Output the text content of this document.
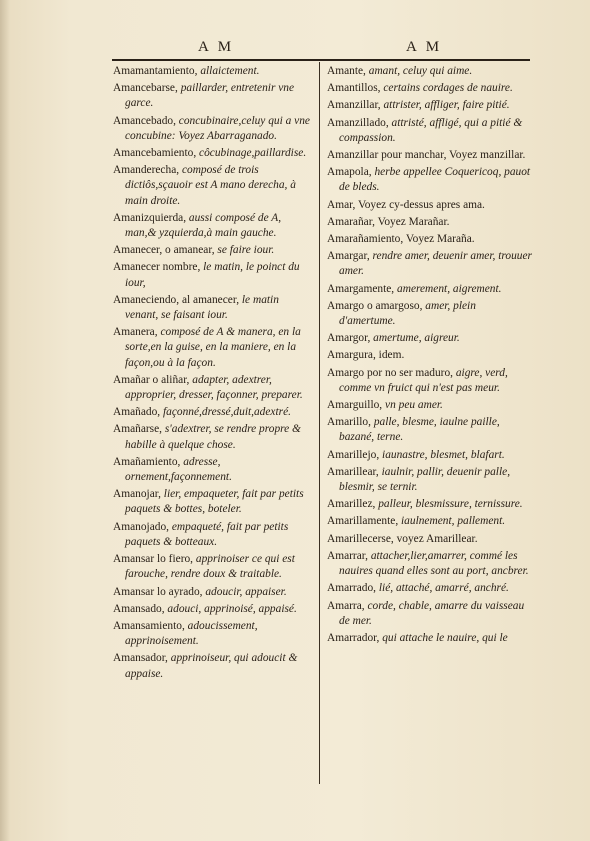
A M	A M
Amamantamiento, allaictement.
Amancebarse, paillarder, entretenir vne garce.
Amancebado, concubinaire,celuy qui a vne concubine: Voyez Abarraganado.
Amancebamiento, côcubinage,paillardise.
Amanderecha, composé de trois dictiôs,sçauoir est A mano derecha, à main droite.
Amanizquierda, aussi composé de A, man,& yzquierda,à main gauche.
Amanecer, o amanear, se faire iour.
Amanecer nombre, le matin, le poinct du iour,
Amaneciendo, al amanecer, le matin venant, se faisant iour.
Amanera, composé de A & manera, en la sorte,en la guise, en la maniere, en la façon,ou à la façon.
Amañar o aliñar, adapter, adextrer, approprier, dresser, façonner, preparer.
Amañado, façonné,dressé,duit,adextré.
Amañarse, s'adextrer, se rendre propre & habille à quelque chose.
Amañamiento, adresse, ornement,façonnement.
Amanojar, lier, empaqueter, fait par petits paquets & bottes, boteler.
Amanojado, empaqueté, fait par petits paquets & botteaux.
Amansar lo fiero, apprinoiser ce qui est farouche, rendre doux & traitable.
Amansar lo ayrado, adoucir, appaiser.
Amansado, adouci, apprinoisé, appaisé.
Amansamiento, adoucissement, apprinoisement.
Amansador, apprinoiseur, qui adoucit & appaise.
Amante, amant, celuy qui aime.
Amantillos, certains cordages de nauire.
Amanzillar, attrister, affliger, faire pitié.
Amanzillado, attristé, affligé, qui a pitié & compassion.
Amanzillar pour manchar, Voyez manzillar.
Amapola, herbe appellee Coquericoq, pauot de bleds.
Amar, Voyez cy-dessus apres ama.
Amarañar, Voyez Marañar.
Amarañamiento, Voyez Maraña.
Amargar, rendre amer, deuenir amer, trouuer amer.
Amargamente, amerement, aigrement.
Amargo o amargoso, amer, plein d'amertume.
Amargor, amertume, aigreur.
Amargura, idem.
Amargo por no ser maduro, aigre, verd, comme vn fruict qui n'est pas meur.
Amarguillo, vn peu amer.
Amarillo, palle, blesme, iaulne paille, bazané, terne.
Amarillejo, iaunastre, blesmet, blafart.
Amarillear, iaulnir, pallir, deuenir palle, blesmir, se ternir.
Amarillez, palleur, blesmissure, ternissure.
Amarillamente, iaulnement, pallement.
Amarillecerse, voyez Amarillear.
Amarrar, attacher,lier,amarrer, commé les nauires quand elles sont au port, ancbrer.
Amarrado, lié, attaché, amarré, anchré.
Amarra, corde, chable, amarre du vaisseau de mer.
Amarrador, qui attache le nauire, qui le
